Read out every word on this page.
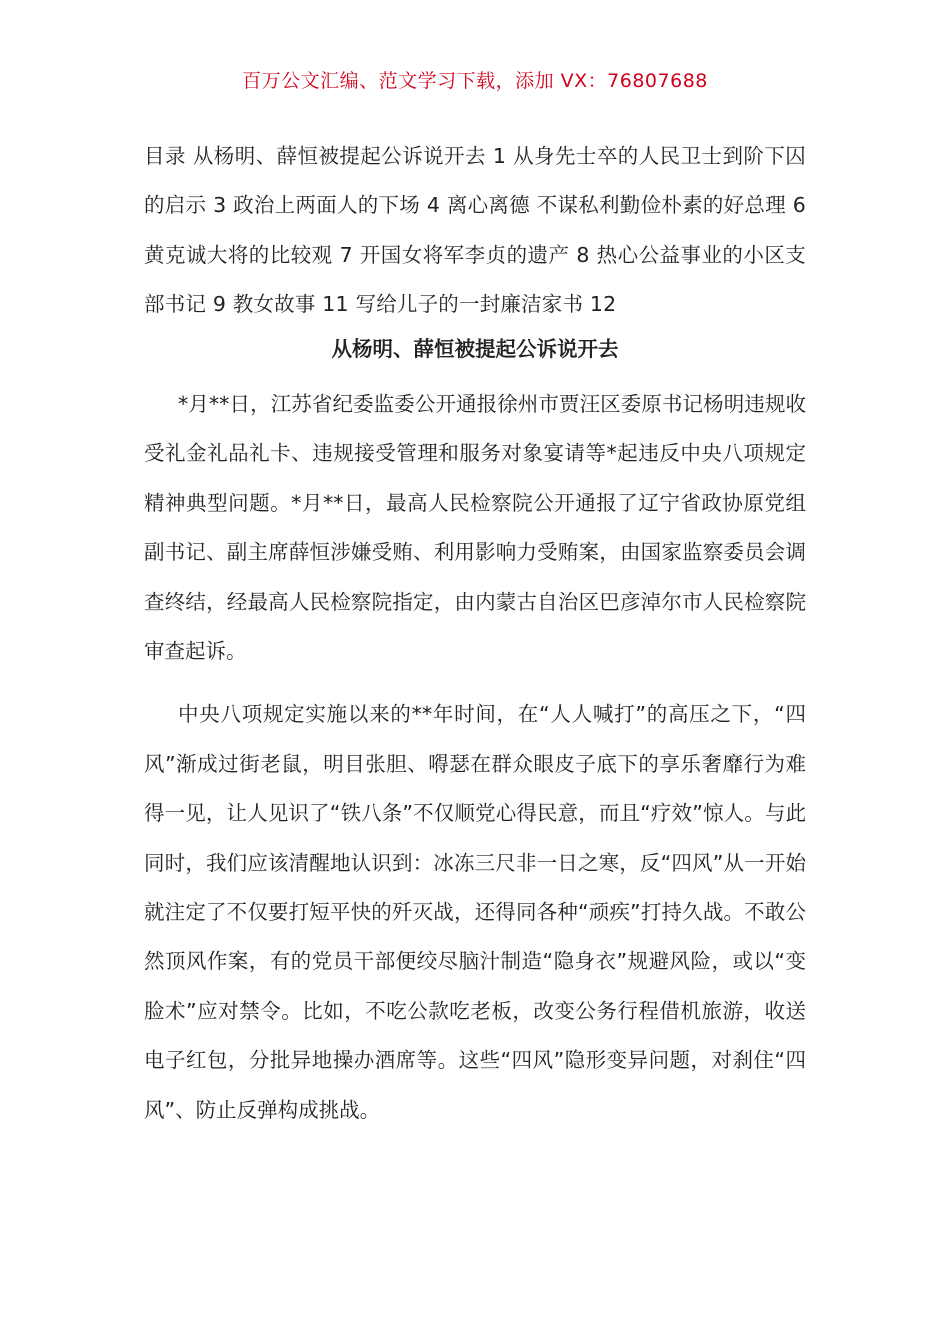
百万公文汇编、范文学习下载，添加 VX：76807688
目录 从杨明、薛恒被提起公诉说开去 1 从身先士卒的人民卫士到阶下囚的启示 3 政治上两面人的下场 4 离心离德 不谋私利勤俭朴素的好总理 6 黄克诚大将的比较观 7 开国女将军李贞的遗产 8 热心公益事业的小区支部书记 9 教女故事 11 写给儿子的一封廉洁家书 12
从杨明、薛恒被提起公诉说开去

*月**日，江苏省纪委监委公开通报徐州市贾汪区委原书记杨明违规收受礼金礼品礼卡、违规接受管理和服务对象宴请等*起违反中央八项规定精神典型问题。*月**日，最高人民检察院公开通报了辽宁省政协原党组副书记、副主席薛恒涉嫌受贿、利用影响力受贿案，由国家监察委员会调查终结，经最高人民检察院指定，由内蒙古自治区巴彦淖尔市人民检察院审查起诉。

中央八项规定实施以来的**年时间，在“人人喊打”的高压之下，“四风”渐成过街老鼠，明目张胆、嘚瑟在群众眼皮子底下的享乐奢靡行为难得一见，让人见识了“铁八条”不仅顺党心得民意，而且“疗效”惊人。与此同时，我们应该清醒地认识到：冰冻三尺非一日之寒，反“四风”从一开始就注定了不仅要打短平快的歼灭战，还得同各种“顽疾”打持久战。不敢公然顶风作案，有的党员干部便绞尽脑汁制造“隐身衣”规避风险，或以“变脸术”应对禁令。比如，不吃公款吃老板，改变公务行程借机旅游，收送电子红包，分批异地操办酒席等。这些“四风”隐形变异问题，对刹住“四风”、防止反弹构成挑战。
